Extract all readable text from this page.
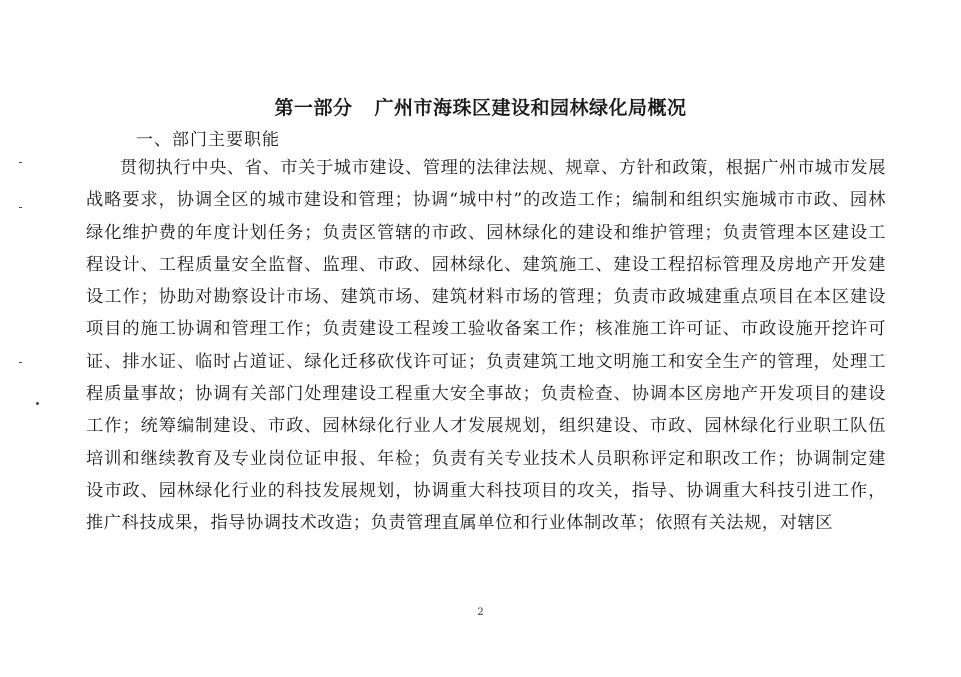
第一部分 广州市海珠区建设和园林绿化局概况
一、部门主要职能

贯彻执行中央、省、市关于城市建设、管理的法律法规、规章、方针和政策，根据广州市城市发展战略要求，协调全区的城市建设和管理；协调“城中村”的改造工作；编制和组织实施城市市政、园林绿化维护费的年度计划任务；负责区管辖的市政、园林绿化的建设和维护管理；负责管理本区建设工程设计、工程质量安全监督、监理、市政、园林绿化、建筑施工、建设工程招标管理及房地产开发建设工作；协助对勘察设计市场、建筑市场、建筑材料市场的管理；负责市政城建重点项目在本区建设项目的施工协调和管理工作；负责建设工程竣工验收备案工作；核准施工许可证、市政设施开挖许可证、排水证、临时占道证、绿化迁移砍伐许可证；负责建筑工地文明施工和安全生产的管理，处理工程质量事故；协调有关部门处理建设工程重大安全事故；负责检查、协调本区房地产开发项目的建设工作；统筹编制建设、市政、园林绿化行业人才发展规划，组织建设、市政、园林绿化行业职工队伍培训和继续教育及专业岗位证申报、年检；负责有关专业技术人员职称评定和职改工作；协调制定建设市政、园林绿化行业的科技发展规划，协调重大科技项目的攻关，指导、协调重大科技引进工作，推广科技成果，指导协调技术改造；负责管理直属单位和行业体制改革；依照有关法规，对辖区

2
